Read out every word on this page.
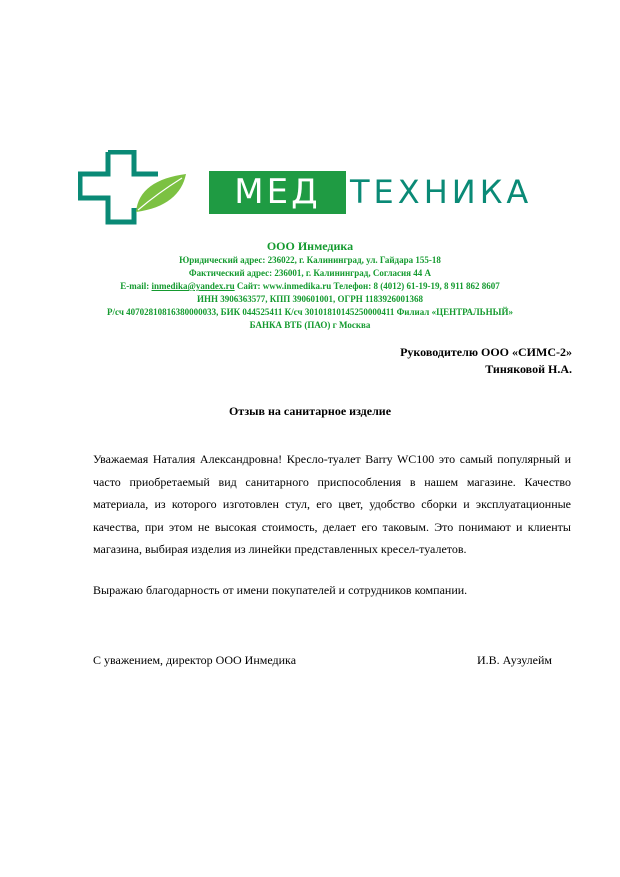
МЕД ТЕХНИКА
ООО Инмедика
Юридический адрес: 236022, г. Калининград, ул. Гайдара 155-18
Фактический адрес: 236001, г. Калининград, Согласия 44 А
E-mail: inmedika@yandex.ru Сайт: www.inmedika.ru Телефон: 8 (4012) 61-19-19, 8 911 862 8607
ИНН 3906363577, КПП 390601001, ОГРН 1183926001368
Р/сч 40702810816380000033, БИК 044525411 К/сч 30101810145250000411 Филиал «ЦЕНТРАЛЬНЫЙ»
БАНКА ВТБ (ПАО) г Москва
Руководителю ООО «СИМС-2»
Тиняковой Н.А.
Отзыв на санитарное изделие
Уважаемая Наталия Александровна! Кресло-туалет Barry WC100 это самый популярный и часто приобретаемый вид санитарного приспособления в нашем магазине. Качество материала, из которого изготовлен стул, его цвет, удобство сборки и эксплуатационные качества, при этом не высокая стоимость, делает его таковым. Это понимают и клиенты магазина, выбирая изделия из линейки представленных кресел-туалетов.
Выражаю благодарность от имени покупателей и сотрудников компании.
С уважением, директор ООО Инмедика	И.В. Аузулейм
